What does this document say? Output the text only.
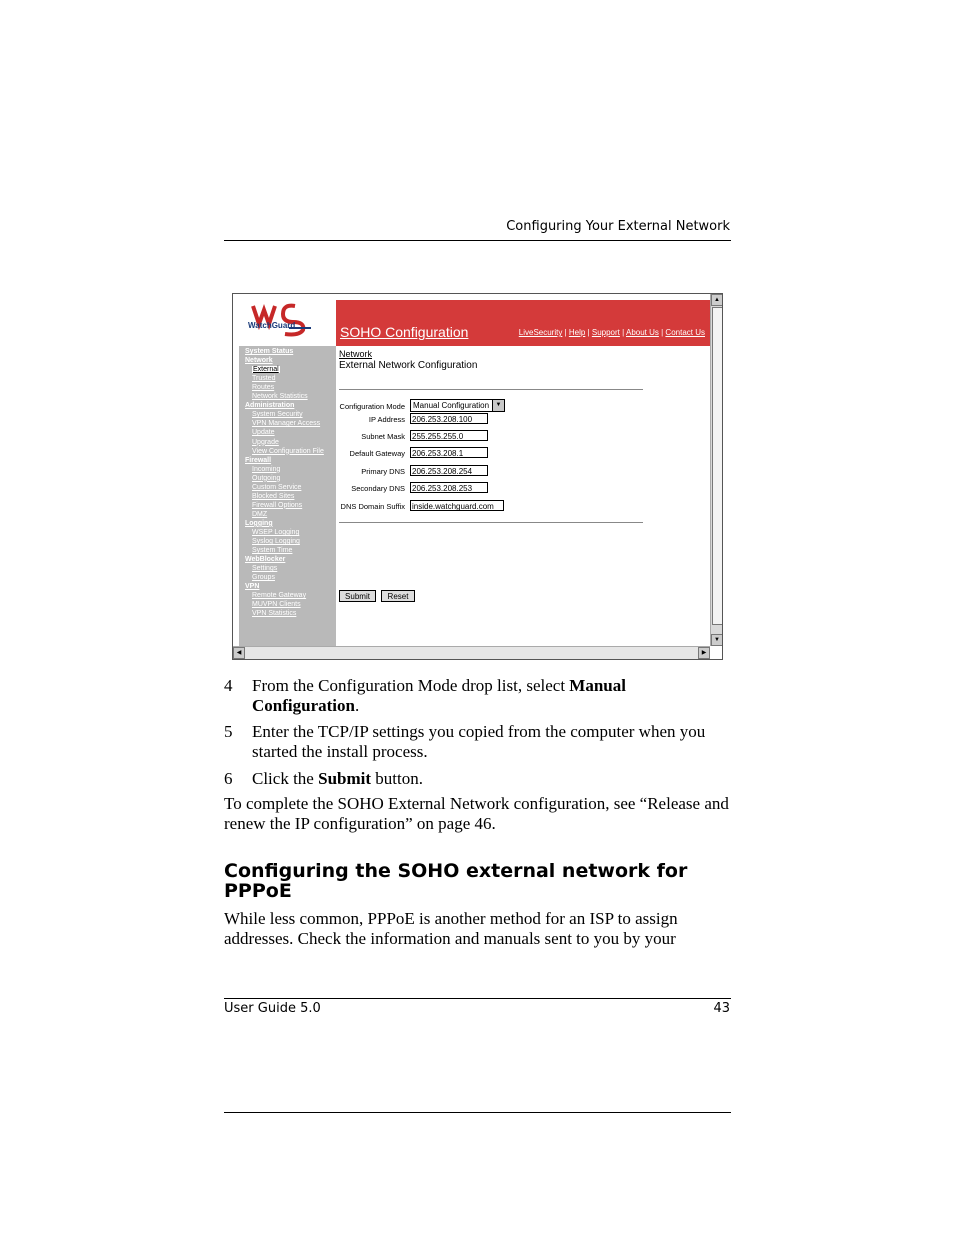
Configuring Your External Network
WatchGuard	SOHO Configuration	LiveSecurity | Help | Support | About Us | Contact Us
System Status
Network
External
Trusted
Routes
Network Statistics
Administration
System Security
VPN Manager Access
Update
Upgrade
View Configuration File
Firewall
Incoming
Outgoing
Custom Service
Blocked Sites
Firewall Options
DMZ
Logging
WSEP Logging
Syslog Logging
System Time
WebBlocker
Settings
Groups
VPN
Remote Gateway
MUVPN Clients
VPN Statistics
Network
External Network Configuration
Configuration Mode	Manual Configuration	▼
IP Address 206.253.208.100
Subnet Mask 255.255.255.0
Default Gateway 206.253.208.1
Primary DNS 206.253.208.254
Secondary DNS 206.253.208.253
DNS Domain Suffix inside.watchguard.com
Submit	Reset
▲
▼
◀	▶
4 From the Configuration Mode drop list, select Manual Configuration.
5 Enter the TCP/IP settings you copied from the computer when you started the install process.
6 Click the Submit button.
To complete the SOHO External Network configuration, see “Release and renew the IP configuration” on page 46.
Configuring the SOHO external network for PPPoE
While less common, PPPoE is another method for an ISP to assign addresses. Check the information and manuals sent to you by your
User Guide 5.0	43
